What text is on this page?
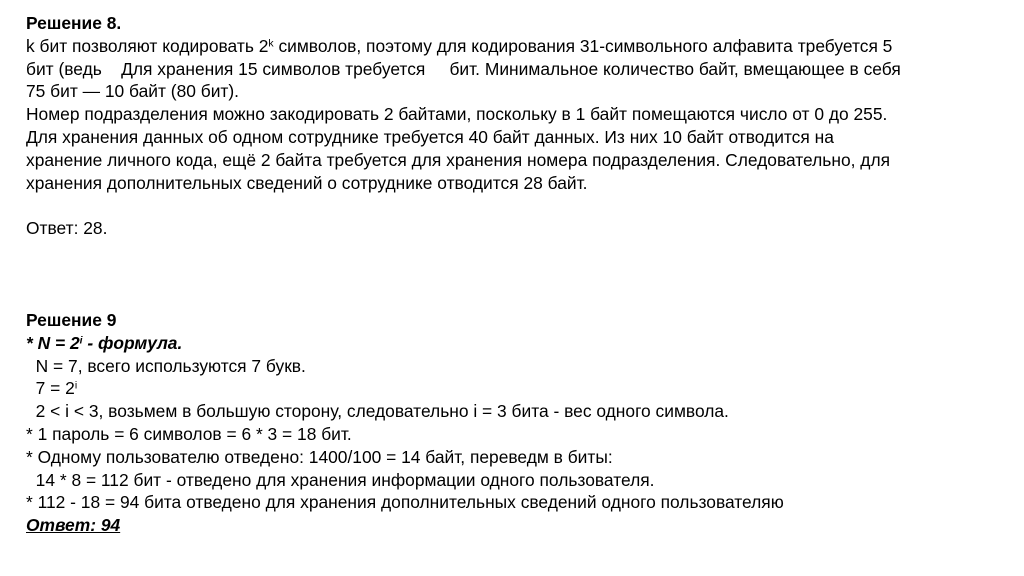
Решение 8.
k бит позволяют кодировать 2$^k$ символов, поэтому для кодирования 31-символьного алфавита требуется 5
бит (ведь    Для хранения 15 символов требуется     бит. Минимальное количество байт, вмещающее в себя
75 бит — 10 байт (80 бит).
Номер подразделения можно закодировать 2 байтами, поскольку в 1 байт помещаются число от 0 до 255.
Для хранения данных об одном сотруднике требуется 40 байт данных. Из них 10 байт отводится на
хранение личного кода, ещё 2 байта требуется для хранения номера подразделения. Следовательно, для
хранения дополнительных сведений о сотруднике отводится 28 байт.
Ответ: 28.
Решение 9
* $N = 2^i$ - формула.
N = 7, всего используются 7 букв.
$7 = 2^i$
2 < i < 3, возьмем в большую сторону, следовательно i = 3 бита - вес одного символа.
* 1 пароль = 6 символов = 6 * 3 = 18 бит.
* Одному пользователю отведено: 1400/100 = 14 байт, переведм в биты:
14 * 8 = 112 бит - отведено для хранения информации одного пользователя.
* 112 - 18 = 94 бита отведено для хранения дополнительных сведений одного пользователяю
Ответ: 94
